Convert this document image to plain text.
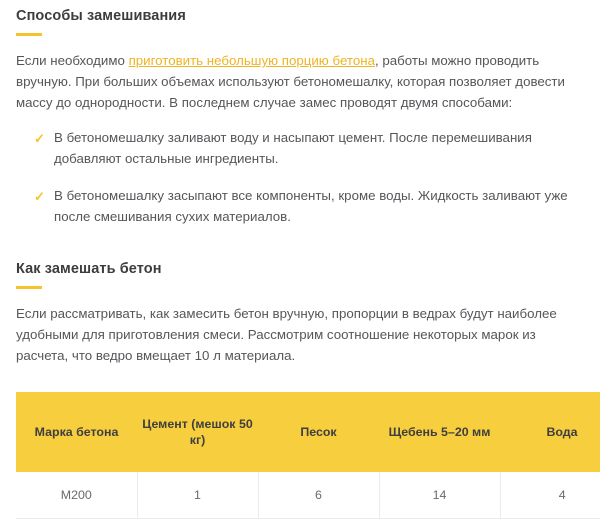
Способы замешивания

Если необходимо приготовить небольшую порцию бетона, работы можно проводить вручную. При больших объемах используют бетономешалку, которая позволяет довести массу до однородности. В последнем случае замес проводят двумя способами:

✓ В бетономешалку заливают воду и насыпают цемент. После перемешивания добавляют остальные ингредиенты.
✓ В бетономешалку засыпают все компоненты, кроме воды. Жидкость заливают уже после смешивания сухих материалов.
Как замешать бетон

Если рассматривать, как замесить бетон вручную, пропорции в ведрах будут наиболее удобными для приготовления смеси. Рассмотрим соотношение некоторых марок из расчета, что ведро вмещает 10 л материала.

Марка бетона	Цемент (мешок 50 кг)	Песок	Щебень 5–20 мм	Вода
М200	1	6	14	4
